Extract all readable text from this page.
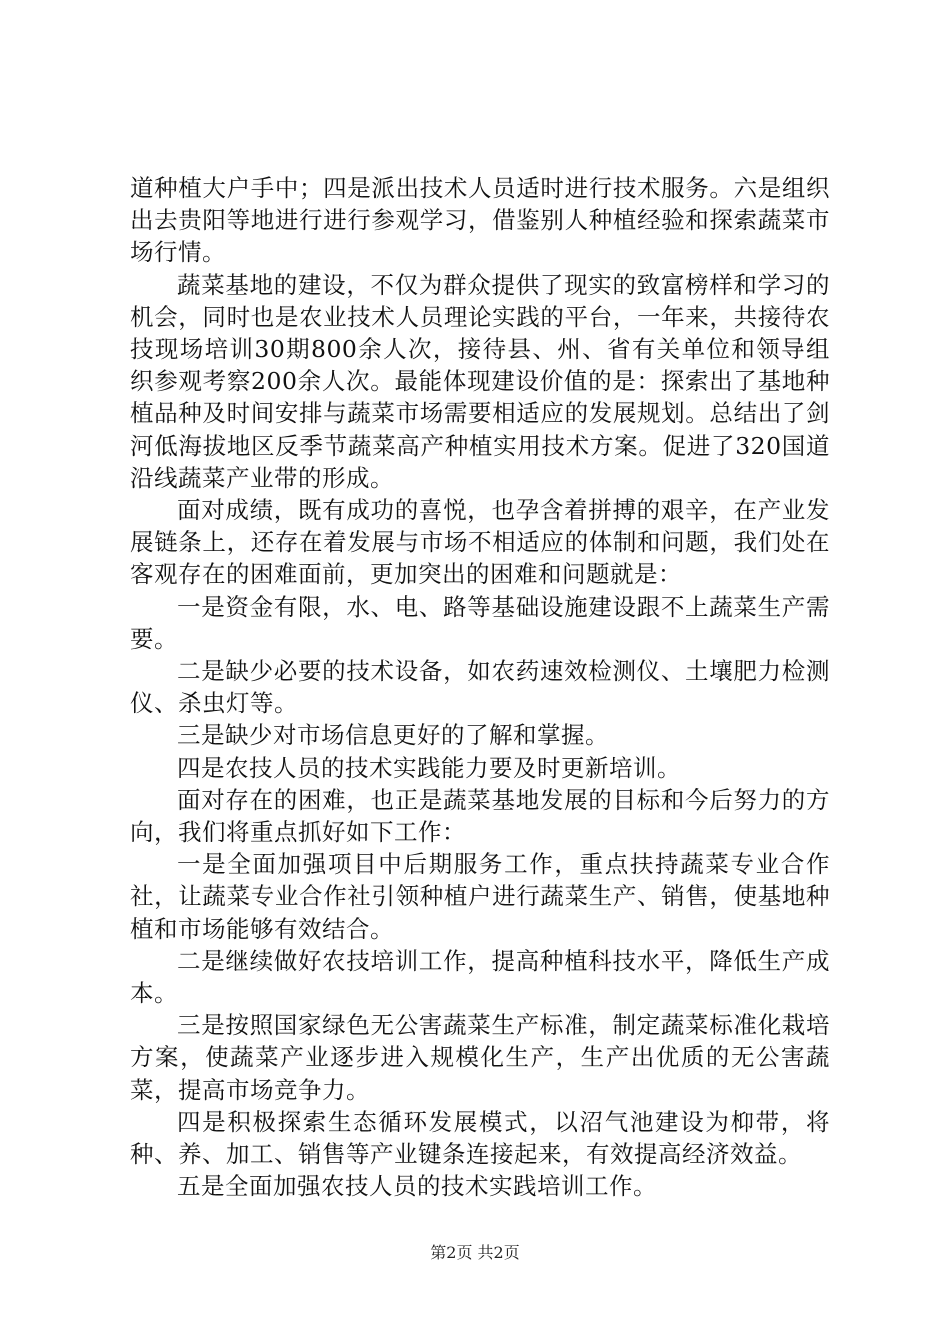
道种植大户手中；四是派出技术人员适时进行技术服务。六是组织出去贵阳等地进行进行参观学习，借鉴别人种植经验和探索蔬菜市场行情。

蔬菜基地的建设，不仅为群众提供了现实的致富榜样和学习的机会，同时也是农业技术人员理论实践的平台，一年来，共接待农技现场培训30期800余人次，接待县、州、省有关单位和领导组织参观考察200余人次。最能体现建设价值的是：探索出了基地种植品种及时间安排与蔬菜市场需要相适应的发展规划。总结出了剑河低海拔地区反季节蔬菜高产种植实用技术方案。促进了320国道沿线蔬菜产业带的形成。

面对成绩，既有成功的喜悦，也孕含着拼搏的艰辛，在产业发展链条上，还存在着发展与市场不相适应的体制和问题，我们处在客观存在的困难面前，更加突出的困难和问题就是：

一是资金有限，水、电、路等基础设施建设跟不上蔬菜生产需要。

二是缺少必要的技术设备，如农药速效检测仪、土壤肥力检测仪、杀虫灯等。

三是缺少对市场信息更好的了解和掌握。

四是农技人员的技术实践能力要及时更新培训。

面对存在的困难，也正是蔬菜基地发展的目标和今后努力的方向，我们将重点抓好如下工作：

一是全面加强项目中后期服务工作，重点扶持蔬菜专业合作社，让蔬菜专业合作社引领种植户进行蔬菜生产、销售，使基地种植和市场能够有效结合。

二是继续做好农技培训工作，提高种植科技水平，降低生产成本。

三是按照国家绿色无公害蔬菜生产标准，制定蔬菜标准化栽培方案，使蔬菜产业逐步进入规模化生产，生产出优质的无公害蔬菜，提高市场竞争力。

四是积极探索生态循环发展模式，以沼气池建设为枊带，将种、养、加工、销售等产业键条连接起来，有效提高经济效益。

五是全面加强农技人员的技术实践培训工作。

第2页 共2页
